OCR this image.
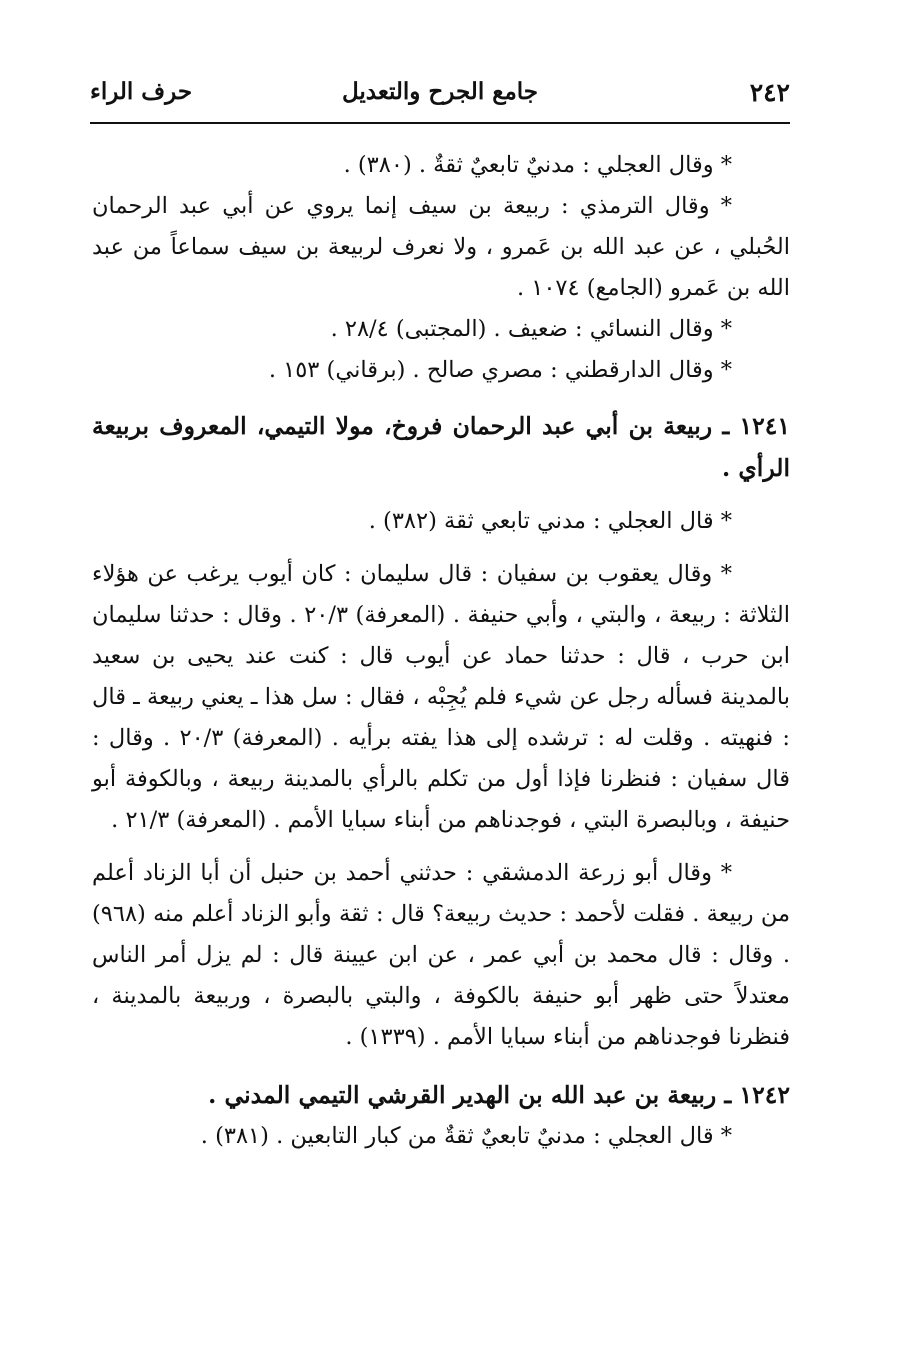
٢٤٢
جامع الجرح والتعديل
حرف الراء

* وقال العجلي : مدنيٌ تابعيٌ ثقةٌ . (٣٨٠) .

* وقال الترمذي : ربيعة بن سيف إنما يروي عن أبي عبد الرحمان الحُبلي ، عن عبد الله بن عَمرو ، ولا نعرف لربيعة بن سيف سماعاً من عبد الله بن عَمرو (الجامع) ١٠٧٤ .

* وقال النسائي : ضعيف . (المجتبى) ٢٨/٤ .

* وقال الدارقطني : مصري صالح . (برقاني) ١٥٣ .

١٢٤١ ـ ربيعة بن أبي عبد الرحمان فروخ، مولا التيمي، المعروف بربيعة الرأي .

* قال العجلي : مدني تابعي ثقة (٣٨٢) .

* وقال يعقوب بن سفيان : قال سليمان : كان أيوب يرغب عن هؤلاء الثلاثة : ربيعة ، والبتي ، وأبي حنيفة . (المعرفة) ٢٠/٣ . وقال : حدثنا سليمان ابن حرب ، قال : حدثنا حماد عن أيوب قال : كنت عند يحيى بن سعيد بالمدينة فسأله رجل عن شيء فلم يُجِبْه ، فقال : سل هذا ـ يعني ربيعة ـ قال : فنهيته . وقلت له : ترشده إلى هذا يفته برأيه . (المعرفة) ٢٠/٣ . وقال : قال سفيان : فنظرنا فإذا أول من تكلم بالرأي بالمدينة ربيعة ، وبالكوفة أبو حنيفة ، وبالبصرة البتي ، فوجدناهم من أبناء سبايا الأمم . (المعرفة) ٢١/٣ .

* وقال أبو زرعة الدمشقي : حدثني أحمد بن حنبل أن أبا الزناد أعلم من ربيعة . فقلت لأحمد : حديث ربيعة؟ قال : ثقة وأبو الزناد أعلم منه (٩٦٨) . وقال : قال محمد بن أبي عمر ، عن ابن عيينة قال : لم يزل أمر الناس معتدلاً حتى ظهر أبو حنيفة بالكوفة ، والبتي بالبصرة ، وربيعة بالمدينة ، فنظرنا فوجدناهم من أبناء سبايا الأمم . (١٣٣٩) .

١٢٤٢ ـ ربيعة بن عبد الله بن الهدير القرشي التيمي المدني .

* قال العجلي : مدنيٌ تابعيٌ ثقةٌ من كبار التابعين . (٣٨١) .
